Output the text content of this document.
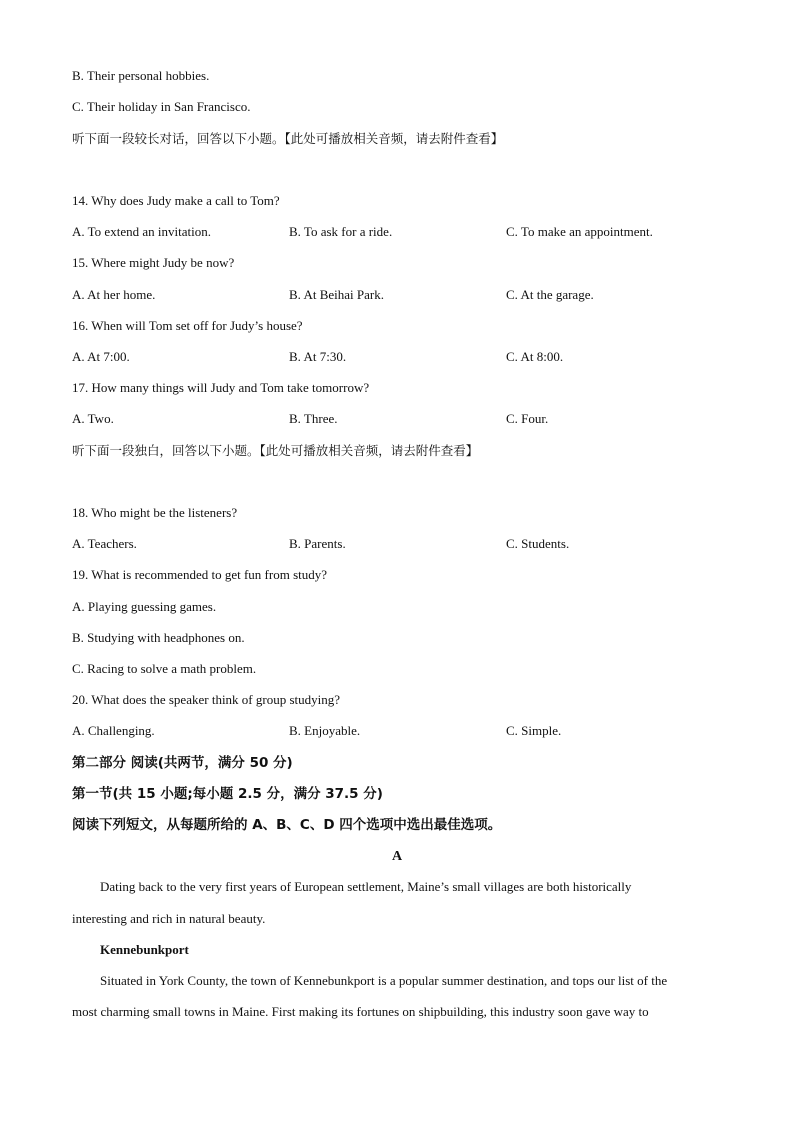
B. Their personal hobbies.
C. Their holiday in San Francisco.
听下面一段较长对话，回答以下小题。【此处可播放相关音频，请去附件查看】
14. Why does Judy make a call to Tom?
A. To extend an invitation.	B. To ask for a ride.	C. To make an appointment.
15. Where might Judy be now?
A. At her home.	B. At Beihai Park.	C. At the garage.
16. When will Tom set off for Judy’s house?
A. At 7:00.	B. At 7:30.	C. At 8:00.
17. How many things will Judy and Tom take tomorrow?
A. Two.	B. Three.	C. Four.
听下面一段独白，回答以下小题。【此处可播放相关音频，请去附件查看】
18. Who might be the listeners?
A. Teachers.	B. Parents.	C. Students.
19. What is recommended to get fun from study?
A. Playing guessing games.
B. Studying with headphones on.
C. Racing to solve a math problem.
20. What does the speaker think of group studying?
A. Challenging.	B. Enjoyable.	C. Simple.
第二部分 阅读(共两节，满分 50 分)
第一节(共 15 小题;每小题 2.5 分，满分 37.5 分)
阅读下列短文，从每题所给的 A、B、C、D 四个选项中选出最佳选项。
A
Dating back to the very first years of European settlement, Maine’s small villages are both historically
interesting and rich in natural beauty.
Kennebunkport
Situated in York County, the town of Kennebunkport is a popular summer destination, and tops our list of the
most charming small towns in Maine. First making its fortunes on shipbuilding, this industry soon gave way to
